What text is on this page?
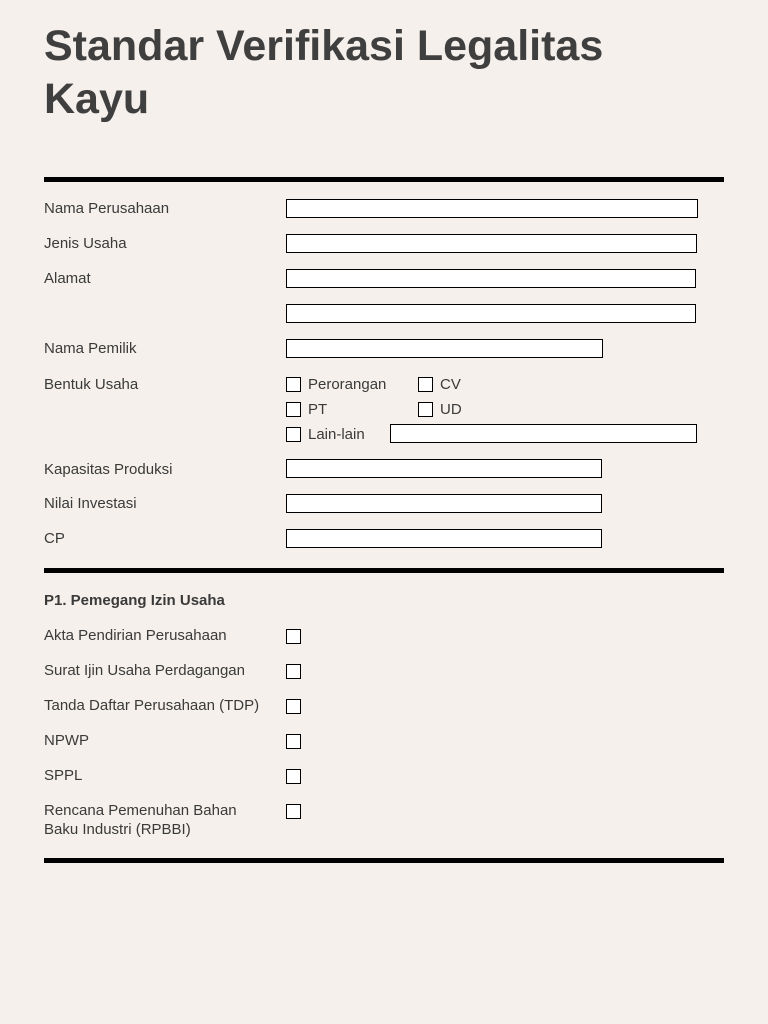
Standar Verifikasi Legalitas Kayu
Nama Perusahaan
Jenis Usaha
Alamat
Nama Pemilik
Bentuk Usaha	Perorangan	CV
PT	UD
Lain-lain
Kapasitas Produksi
Nilai Investasi
CP
P1. Pemegang Izin Usaha
Akta Pendirian Perusahaan
Surat Ijin Usaha Perdagangan
Tanda Daftar Perusahaan (TDP)
NPWP
SPPL
Rencana Pemenuhan Bahan Baku Industri (RPBBI)
